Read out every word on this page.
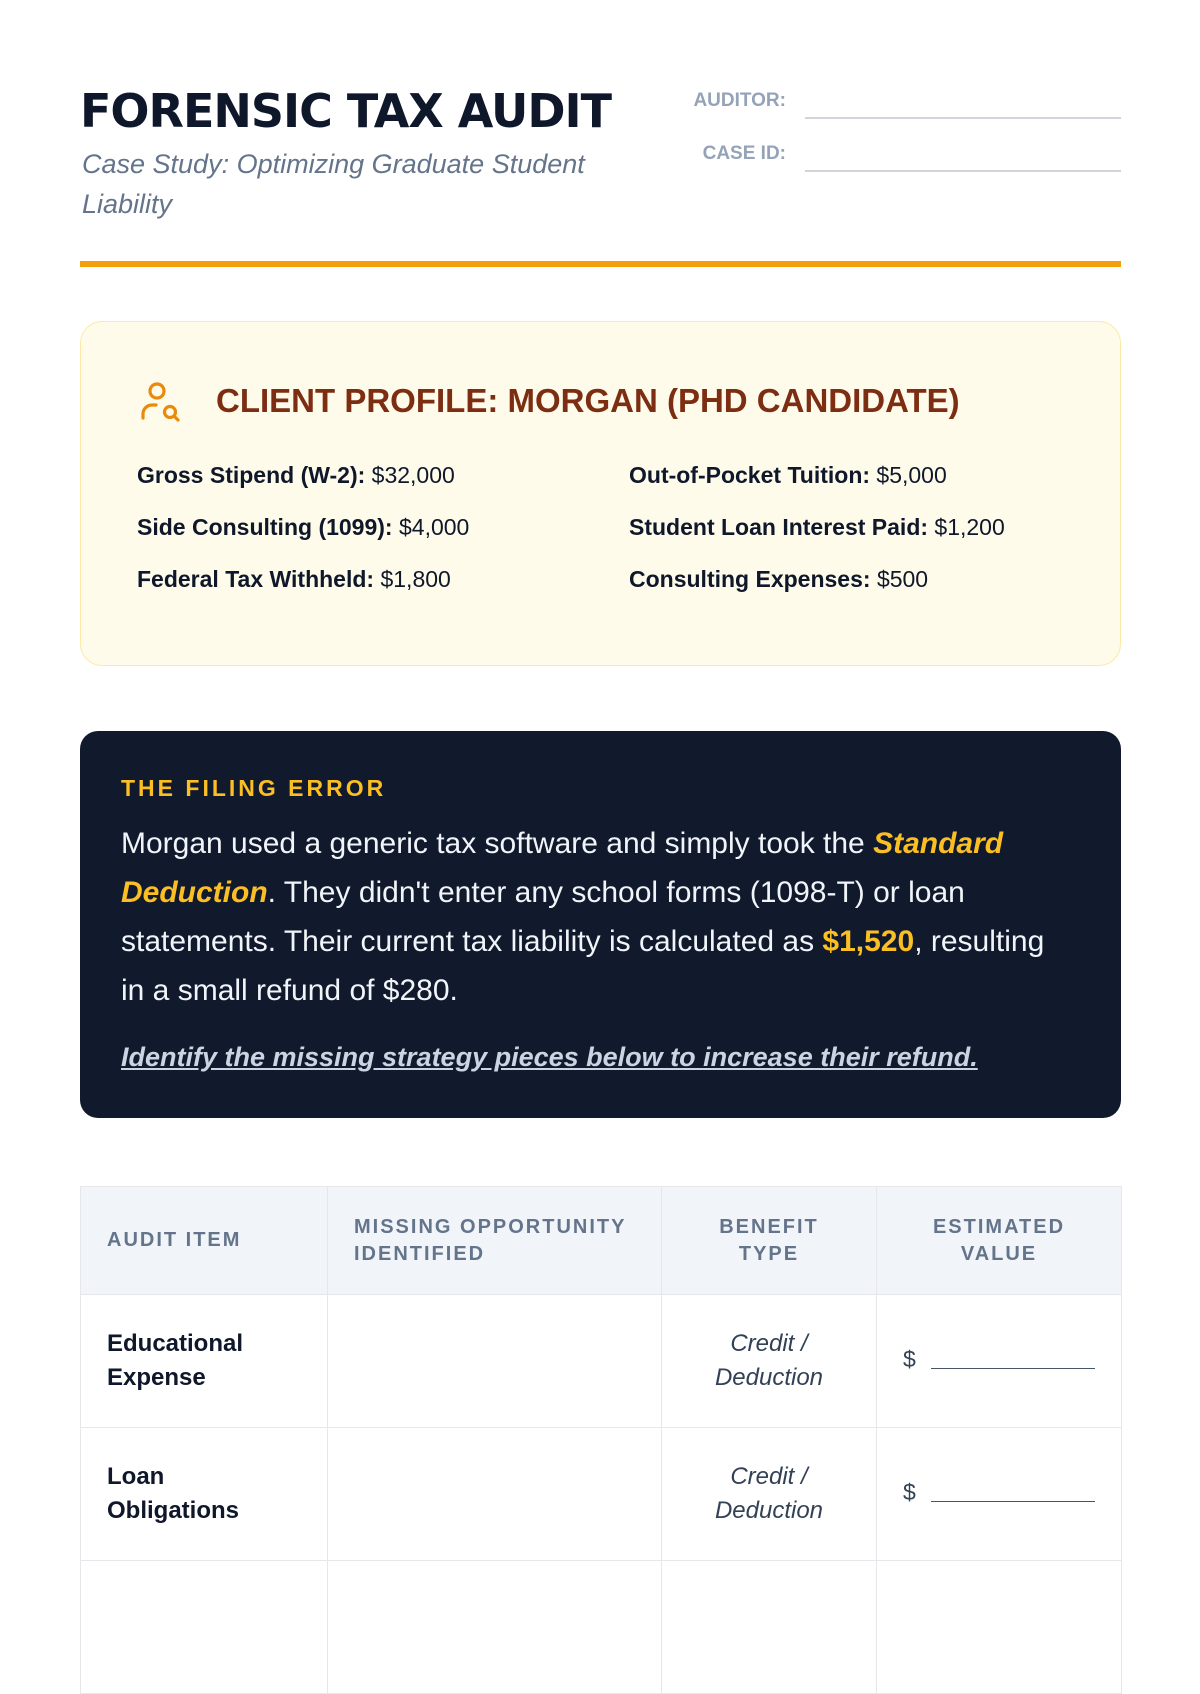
FORENSIC TAX AUDIT

Case Study: Optimizing Graduate Student Liability

AUDITOR:
CASE ID:
CLIENT PROFILE: MORGAN (PHD CANDIDATE)
Gross Stipend (W-2): $32,000	Out-of-Pocket Tuition: $5,000
Side Consulting (1099): $4,000	Student Loan Interest Paid: $1,200
Federal Tax Withheld: $1,800	Consulting Expenses: $500
THE FILING ERROR

Morgan used a generic tax software and simply took the Standard Deduction. They didn't enter any school forms (1098-T) or loan statements. Their current tax liability is calculated as $1,520, resulting in a small refund of $280.

Identify the missing strategy pieces below to increase their refund.
AUDIT ITEM	MISSING OPPORTUNITY IDENTIFIED	BENEFIT TYPE	ESTIMATED VALUE
Educational Expense		Credit / Deduction	$

Loan Obligations		Credit / Deduction	$
